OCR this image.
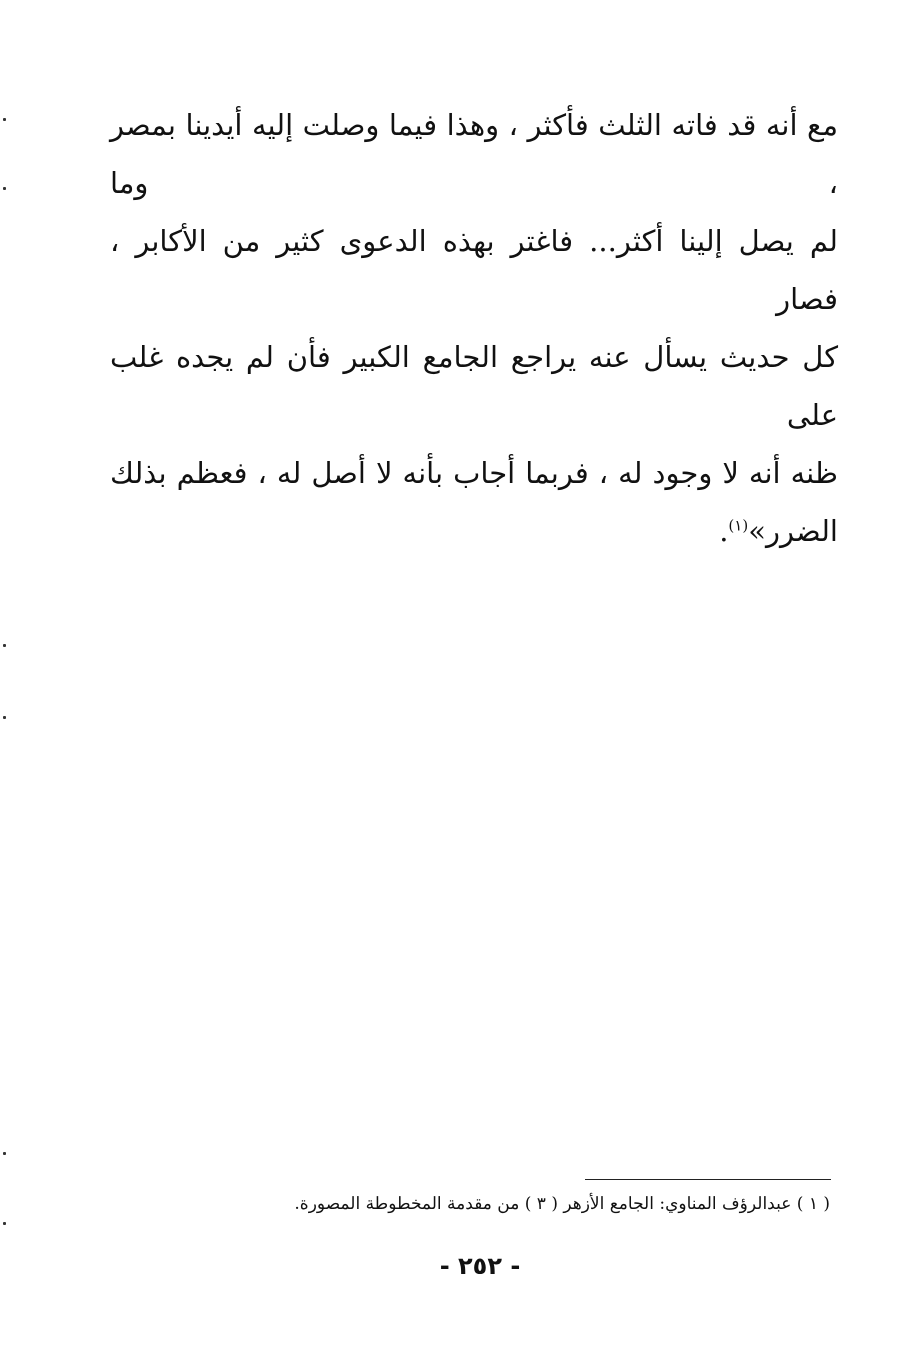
مع أنه قد فاته الثلث فأكثر ، وهذا فيما وصلت إليه أيدينا بمصر ، وما
لم يصل إلينا أكثر... فاغتر بهذه الدعوى كثير من الأكابر ، فصار
كل حديث يسأل عنه يراجع الجامع الكبير فأن لم يجده غلب على
ظنه أنه لا وجود له ، فربما أجاب بأنه لا أصل له ، فعظم بذلك
الضرر»$^{(١)}$.

( ١ ) عبدالرؤف المناوي: الجامع الأزهر ( ٣ ) من مقدمة المخطوطة المصورة.

- ٢٥٢ -
